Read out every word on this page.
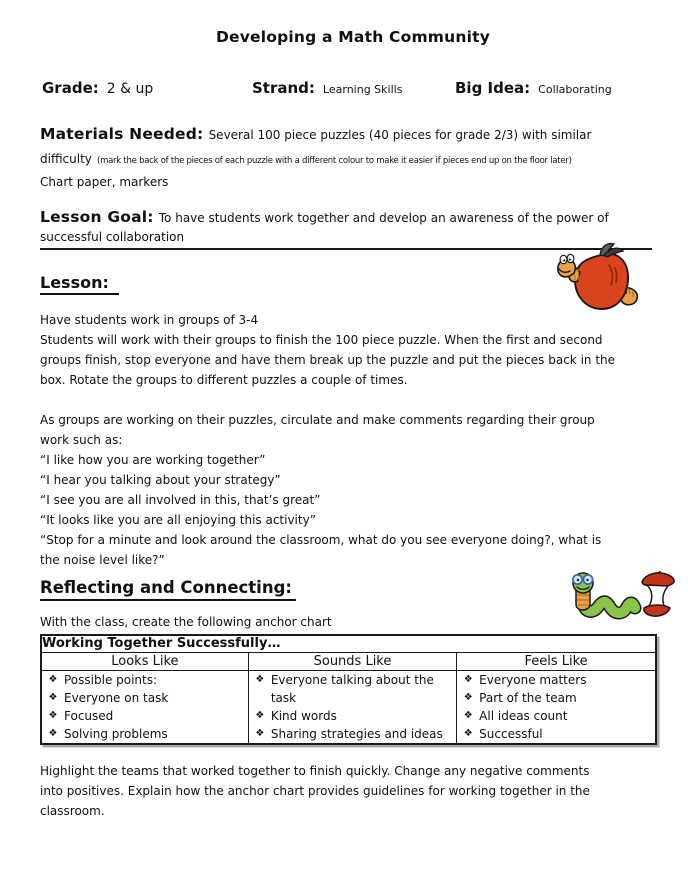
Developing a Math Community
Grade: 2 & up	Strand: Learning Skills	Big Idea: Collaborating
Materials Needed: Several 100 piece puzzles (40 pieces for grade 2/3) with similar
difficulty (mark the back of the pieces of each puzzle with a different colour to make it easier if pieces end up on the floor later)
Chart paper, markers
Lesson Goal: To have students work together and develop an awareness of the power of
successful collaboration
Lesson:
Have students work in groups of 3-4
Students will work with their groups to finish the 100 piece puzzle. When the first and second
groups finish, stop everyone and have them break up the puzzle and put the pieces back in the
box. Rotate the groups to different puzzles a couple of times.
As groups are working on their puzzles, circulate and make comments regarding their group
work such as:
“I like how you are working together”
“I hear you talking about your strategy”
“I see you are all involved in this, that’s great”
“It looks like you are all enjoying this activity”
“Stop for a minute and look around the classroom, what do you see everyone doing?, what is
the noise level like?”
Reflecting and Connecting:
With the class, create the following anchor chart
Working Together Successfully…		
Looks Like	Sounds Like	Feels Like

❖ Possible points:
❖ Everyone on task
❖ Focused
❖ Solving problems

❖ Everyone talking about the task
❖ Kind words
❖ Sharing strategies and ideas

❖ Everyone matters
❖ Part of the team
❖ All ideas count
❖ Successful
Highlight the teams that worked together to finish quickly. Change any negative comments
into positives. Explain how the anchor chart provides guidelines for working together in the
classroom.
